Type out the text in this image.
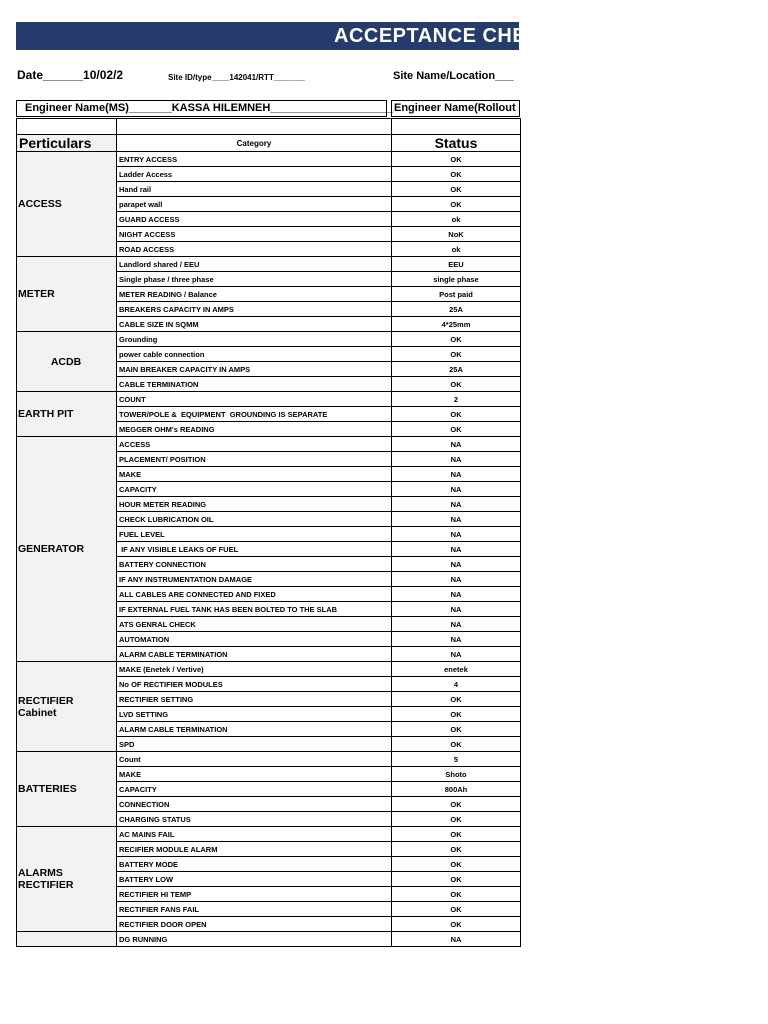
ACCEPTANCE CHEC
Date______10/02/2	Site ID/type____142041/RTT_______	Site Name/Location___
Engineer Name(MS)_______KASSA HILEMNEH____________________ Engineer Name(Rollout

Perticulars	Category	Status
ACCESS	ENTRY ACCESS	OK
	Ladder Access	OK
	Hand rail	OK
	parapet wall	OK
	GUARD ACCESS	ok
	NIGHT ACCESS	NoK
	ROAD ACCESS	ok
METER	Landlord shared / EEU	EEU
	Single phase / three phase	single phase
	METER READING / Balance	Post paid
	BREAKERS CAPACITY IN AMPS	25A
	CABLE SIZE IN SQMM	4*25mm
ACDB	Grounding	OK
	power cable connection	OK
	MAIN BREAKER CAPACITY IN AMPS	25A
	CABLE TERMINATION	OK
EARTH PIT	COUNT	2
	TOWER/POLE &  EQUIPMENT  GROUNDING IS SEPARATE	OK
	MEGGER OHM's READING	OK
GENERATOR	ACCESS	NA
	PLACEMENT/ POSITION	NA
	MAKE	NA
	CAPACITY	NA
	HOUR METER READING	NA
	CHECK LUBRICATION OIL	NA
	FUEL LEVEL	NA
	IF ANY VISIBLE LEAKS OF FUEL	NA
	BATTERY CONNECTION	NA
	IF ANY INSTRUMENTATION DAMAGE	NA
	ALL CABLES ARE CONNECTED AND FIXED	NA
	IF EXTERNAL FUEL TANK HAS BEEN BOLTED TO THE SLAB	NA
	ATS GENRAL CHECK	NA
	AUTOMATION	NA
	ALARM CABLE TERMINATION	NA
RECTIFIER Cabinet	MAKE (Enetek / Vertive)	enetek
	No OF RECTIFIER MODULES	4
	RECTIFIER SETTING	OK
	LVD SETTING	OK
	ALARM CABLE TERMINATION	OK
	SPD	OK
BATTERIES	Count	5
	MAKE	Shoto
	CAPACITY	800Ah
	CONNECTION	OK
	CHARGING STATUS	OK
ALARMS RECTIFIER	AC MAINS FAIL	OK
	RECIFIER MODULE ALARM	OK
	BATTERY MODE	OK
	BATTERY LOW	OK
	RECTIFIER HI TEMP	OK
	RECTIFIER FANS FAIL	OK
	RECTIFIER DOOR OPEN	OK
	DG RUNNING	NA
